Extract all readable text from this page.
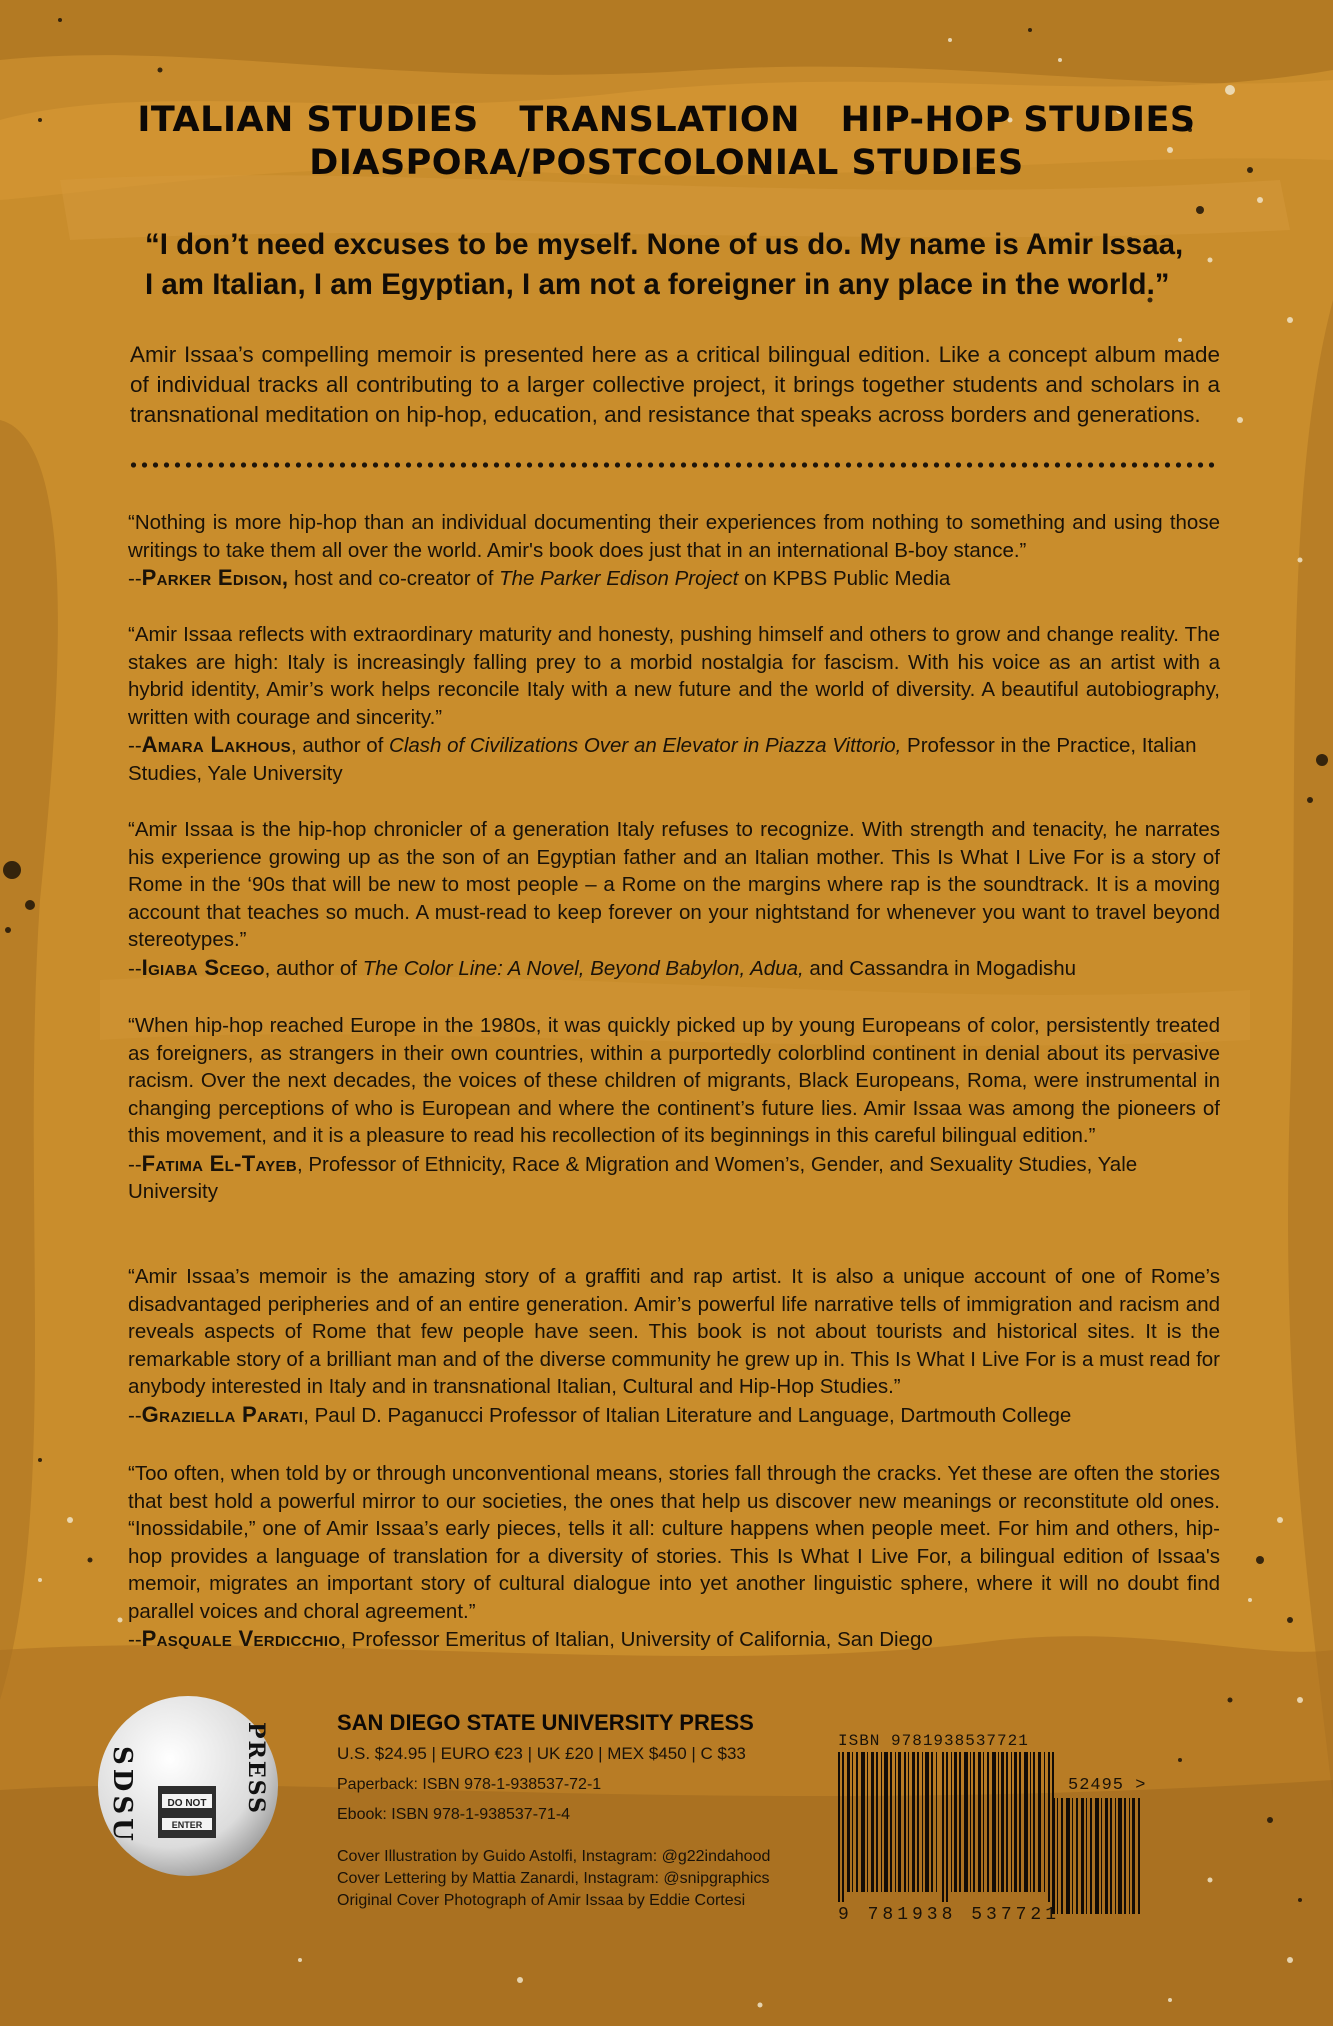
ITALIAN STUDIES TRANSLATION HIP-HOP STUDIES
DIASPORA/POSTCOLONIAL STUDIES
“I don’t need excuses to be myself. None of us do. My name is Amir Issaa,
I am Italian, I am Egyptian, I am not a foreigner in any place in the world.”
Amir Issaa’s compelling memoir is presented here as a critical bilingual edition. Like a concept album made of individual tracks all contributing to a larger collective project, it brings together students and scholars in a transnational meditation on hip-hop, education, and resistance that speaks across borders and generations.

“Nothing is more hip-hop than an individual documenting their experiences from nothing to something and using those writings to take them all over the world. Amir's book does just that in an international B-boy stance.”

--Parker Edison, host and co-creator of The Parker Edison Project on KPBS Public Media

“Amir Issaa reflects with extraordinary maturity and honesty, pushing himself and others to grow and change reality. The stakes are high: Italy is increasingly falling prey to a morbid nostalgia for fascism. With his voice as an artist with a hybrid identity, Amir’s work helps reconcile Italy with a new future and the world of diversity. A beautiful autobiography, written with courage and sincerity.”

--Amara Lakhous, author of Clash of Civilizations Over an Elevator in Piazza Vittorio, Professor in the Practice, Italian Studies, Yale University

“Amir Issaa is the hip-hop chronicler of a generation Italy refuses to recognize. With strength and tenacity, he narrates his experience growing up as the son of an Egyptian father and an Italian mother. This Is What I Live For is a story of Rome in the ‘90s that will be new to most people – a Rome on the margins where rap is the soundtrack. It is a moving account that teaches so much. A must-read to keep forever on your nightstand for whenever you want to travel beyond stereotypes.”

--Igiaba Scego, author of The Color Line: A Novel, Beyond Babylon, Adua, and Cassandra in Mogadishu

“When hip-hop reached Europe in the 1980s, it was quickly picked up by young Europeans of color, persistently treated as foreigners, as strangers in their own countries, within a purportedly colorblind continent in denial about its pervasive racism. Over the next decades, the voices of these children of migrants, Black Europeans, Roma, were instrumental in changing perceptions of who is European and where the continent’s future lies. Amir Issaa was among the pioneers of this movement, and it is a pleasure to read his recollection of its beginnings in this careful bilingual edition.”

--Fatima El-Tayeb, Professor of Ethnicity, Race & Migration and Women’s, Gender, and Sexuality Studies, Yale University

“Amir Issaa’s memoir is the amazing story of a graffiti and rap artist. It is also a unique account of one of Rome’s disadvantaged peripheries and of an entire generation. Amir’s powerful life narrative tells of immigration and racism and reveals aspects of Rome that few people have seen. This book is not about tourists and historical sites. It is the remarkable story of a brilliant man and of the diverse community he grew up in. This Is What I Live For is a must read for anybody interested in Italy and in transnational Italian, Cultural and Hip-Hop Studies.”

--Graziella Parati, Paul D. Paganucci Professor of Italian Literature and Language, Dartmouth College

“Too often, when told by or through unconventional means, stories fall through the cracks. Yet these are often the stories that best hold a powerful mirror to our societies, the ones that help us discover new meanings or reconstitute old ones. “Inossidabile,” one of Amir Issaa’s early pieces, tells it all: culture happens when people meet. For him and others, hip-hop provides a language of translation for a diversity of stories. This Is What I Live For, a bilingual edition of Issaa's memoir, migrates an important story of cultural dialogue into yet another linguistic sphere, where it will no doubt find parallel voices and choral agreement.”

--Pasquale Verdicchio, Professor Emeritus of Italian, University of California, San Diego

DO NOT
ENTER
SDSU	PRESS	SAN DIEGO STATE UNIVERSITY PRESS
U.S. $24.95 | EURO €23 | UK £20 | MEX $450 | C $33
Paperback: ISBN 978-1-938537-72-1
Ebook: ISBN 978-1-938537-71-4
Cover Illustration by Guido Astolfi, Instagram: @g22indahood
Cover Lettering by Mattia Zanardi, Instagram: @snipgraphics
Original Cover Photograph of Amir Issaa by Eddie Cortesi
ISBN 9781938537721
52495 >
9 781938 537721
